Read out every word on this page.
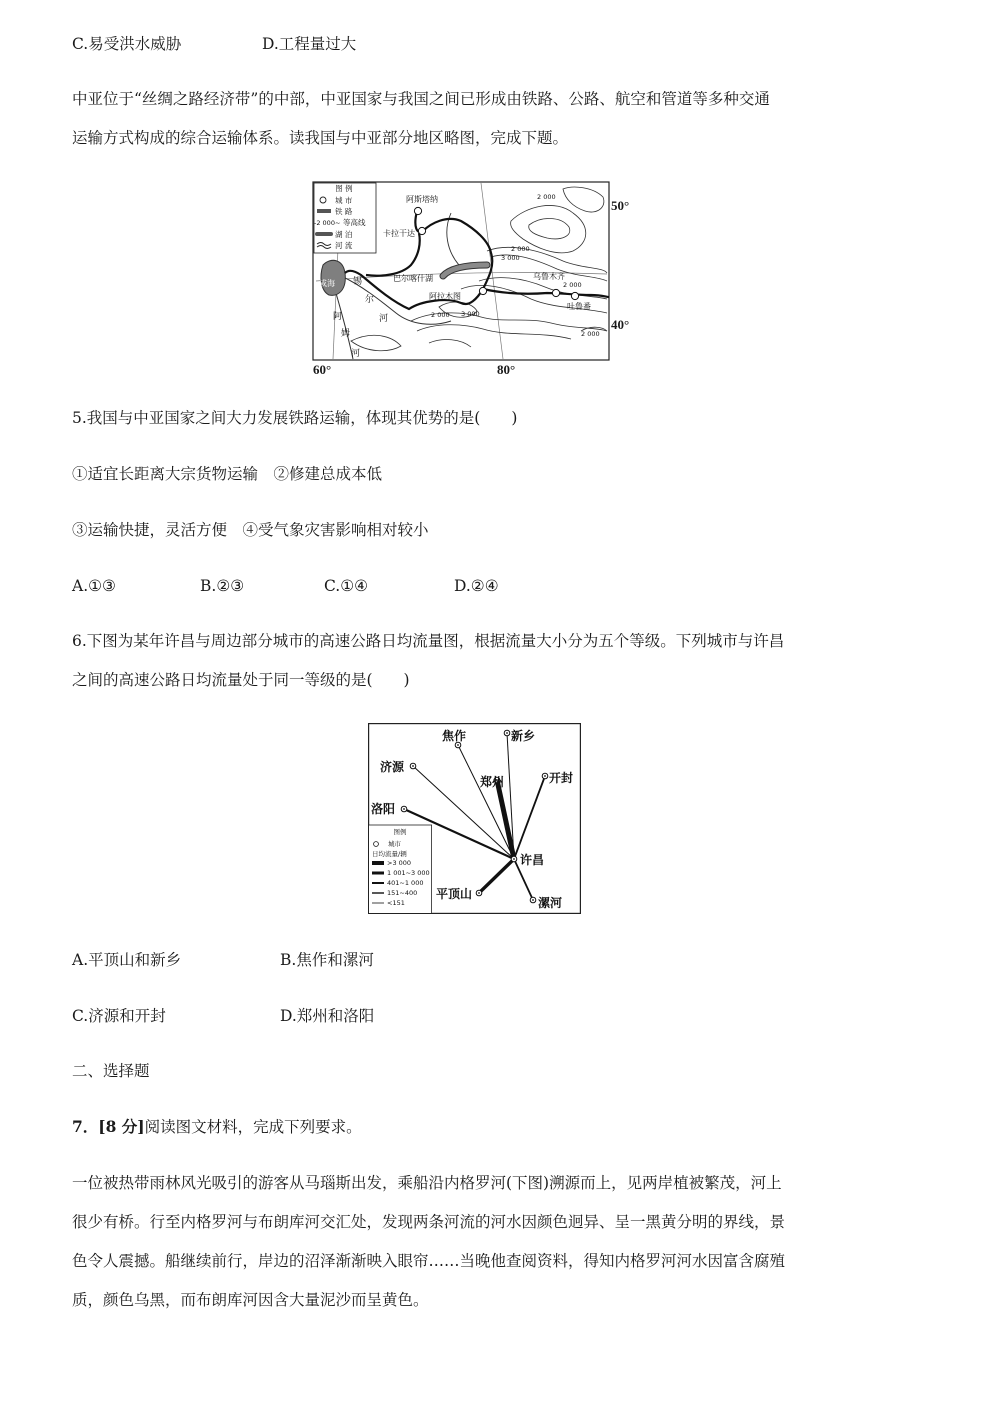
C.易受洪水威胁	D.工程量过大
中亚位于“丝绸之路经济带”的中部，中亚国家与我国之间已形成由铁路、公路、航空和管道等多种交通
运输方式构成的综合运输体系。读我国与中亚部分地区略图，完成下题。
图 例
城 市
铁 路
-2 000~ 等高线
湖 泊
河 流
阿斯塔纳
卡拉干达
巴尔喀什湖
阿拉木图
乌鲁木齐
吐鲁番
咸海 锡
尔
河
阿
姆
河
2 000
2 000
3 000
2 000
2 000 3 000
2 000
50°
40°
60°	80°
5.我国与中亚国家之间大力发展铁路运输，体现其优势的是(　　)
①适宜长距离大宗货物运输　②修建总成本低
③运输快捷，灵活方便　④受气象灾害影响相对较小
A.①③	B.②③	C.①④	D.②④
6.下图为某年许昌与周边部分城市的高速公路日均流量图，根据流量大小分为五个等级。下列城市与许昌
之间的高速公路日均流量处于同一等级的是(　　)
焦作	新乡
济源
郑州	开封
洛阳
许昌
平顶山
漯河
图例
城市
日均流量/辆
>3 000
1 001~3 000
401~1 000
151~400
<151
A.平顶山和新乡	B.焦作和漯河
C.济源和开封	D.郑州和洛阳
二、选择题
7．[8 分]阅读图文材料，完成下列要求。
一位被热带雨林风光吸引的游客从马瑙斯出发，乘船沿内格罗河(下图)溯源而上，见两岸植被繁茂，河上
很少有桥。行至内格罗河与布朗库河交汇处，发现两条河流的河水因颜色迥异、呈一黑黄分明的界线，景
色令人震撼。船继续前行，岸边的沼泽渐渐映入眼帘……当晚他查阅资料，得知内格罗河河水因富含腐殖
质，颜色乌黑，而布朗库河因含大量泥沙而呈黄色。
